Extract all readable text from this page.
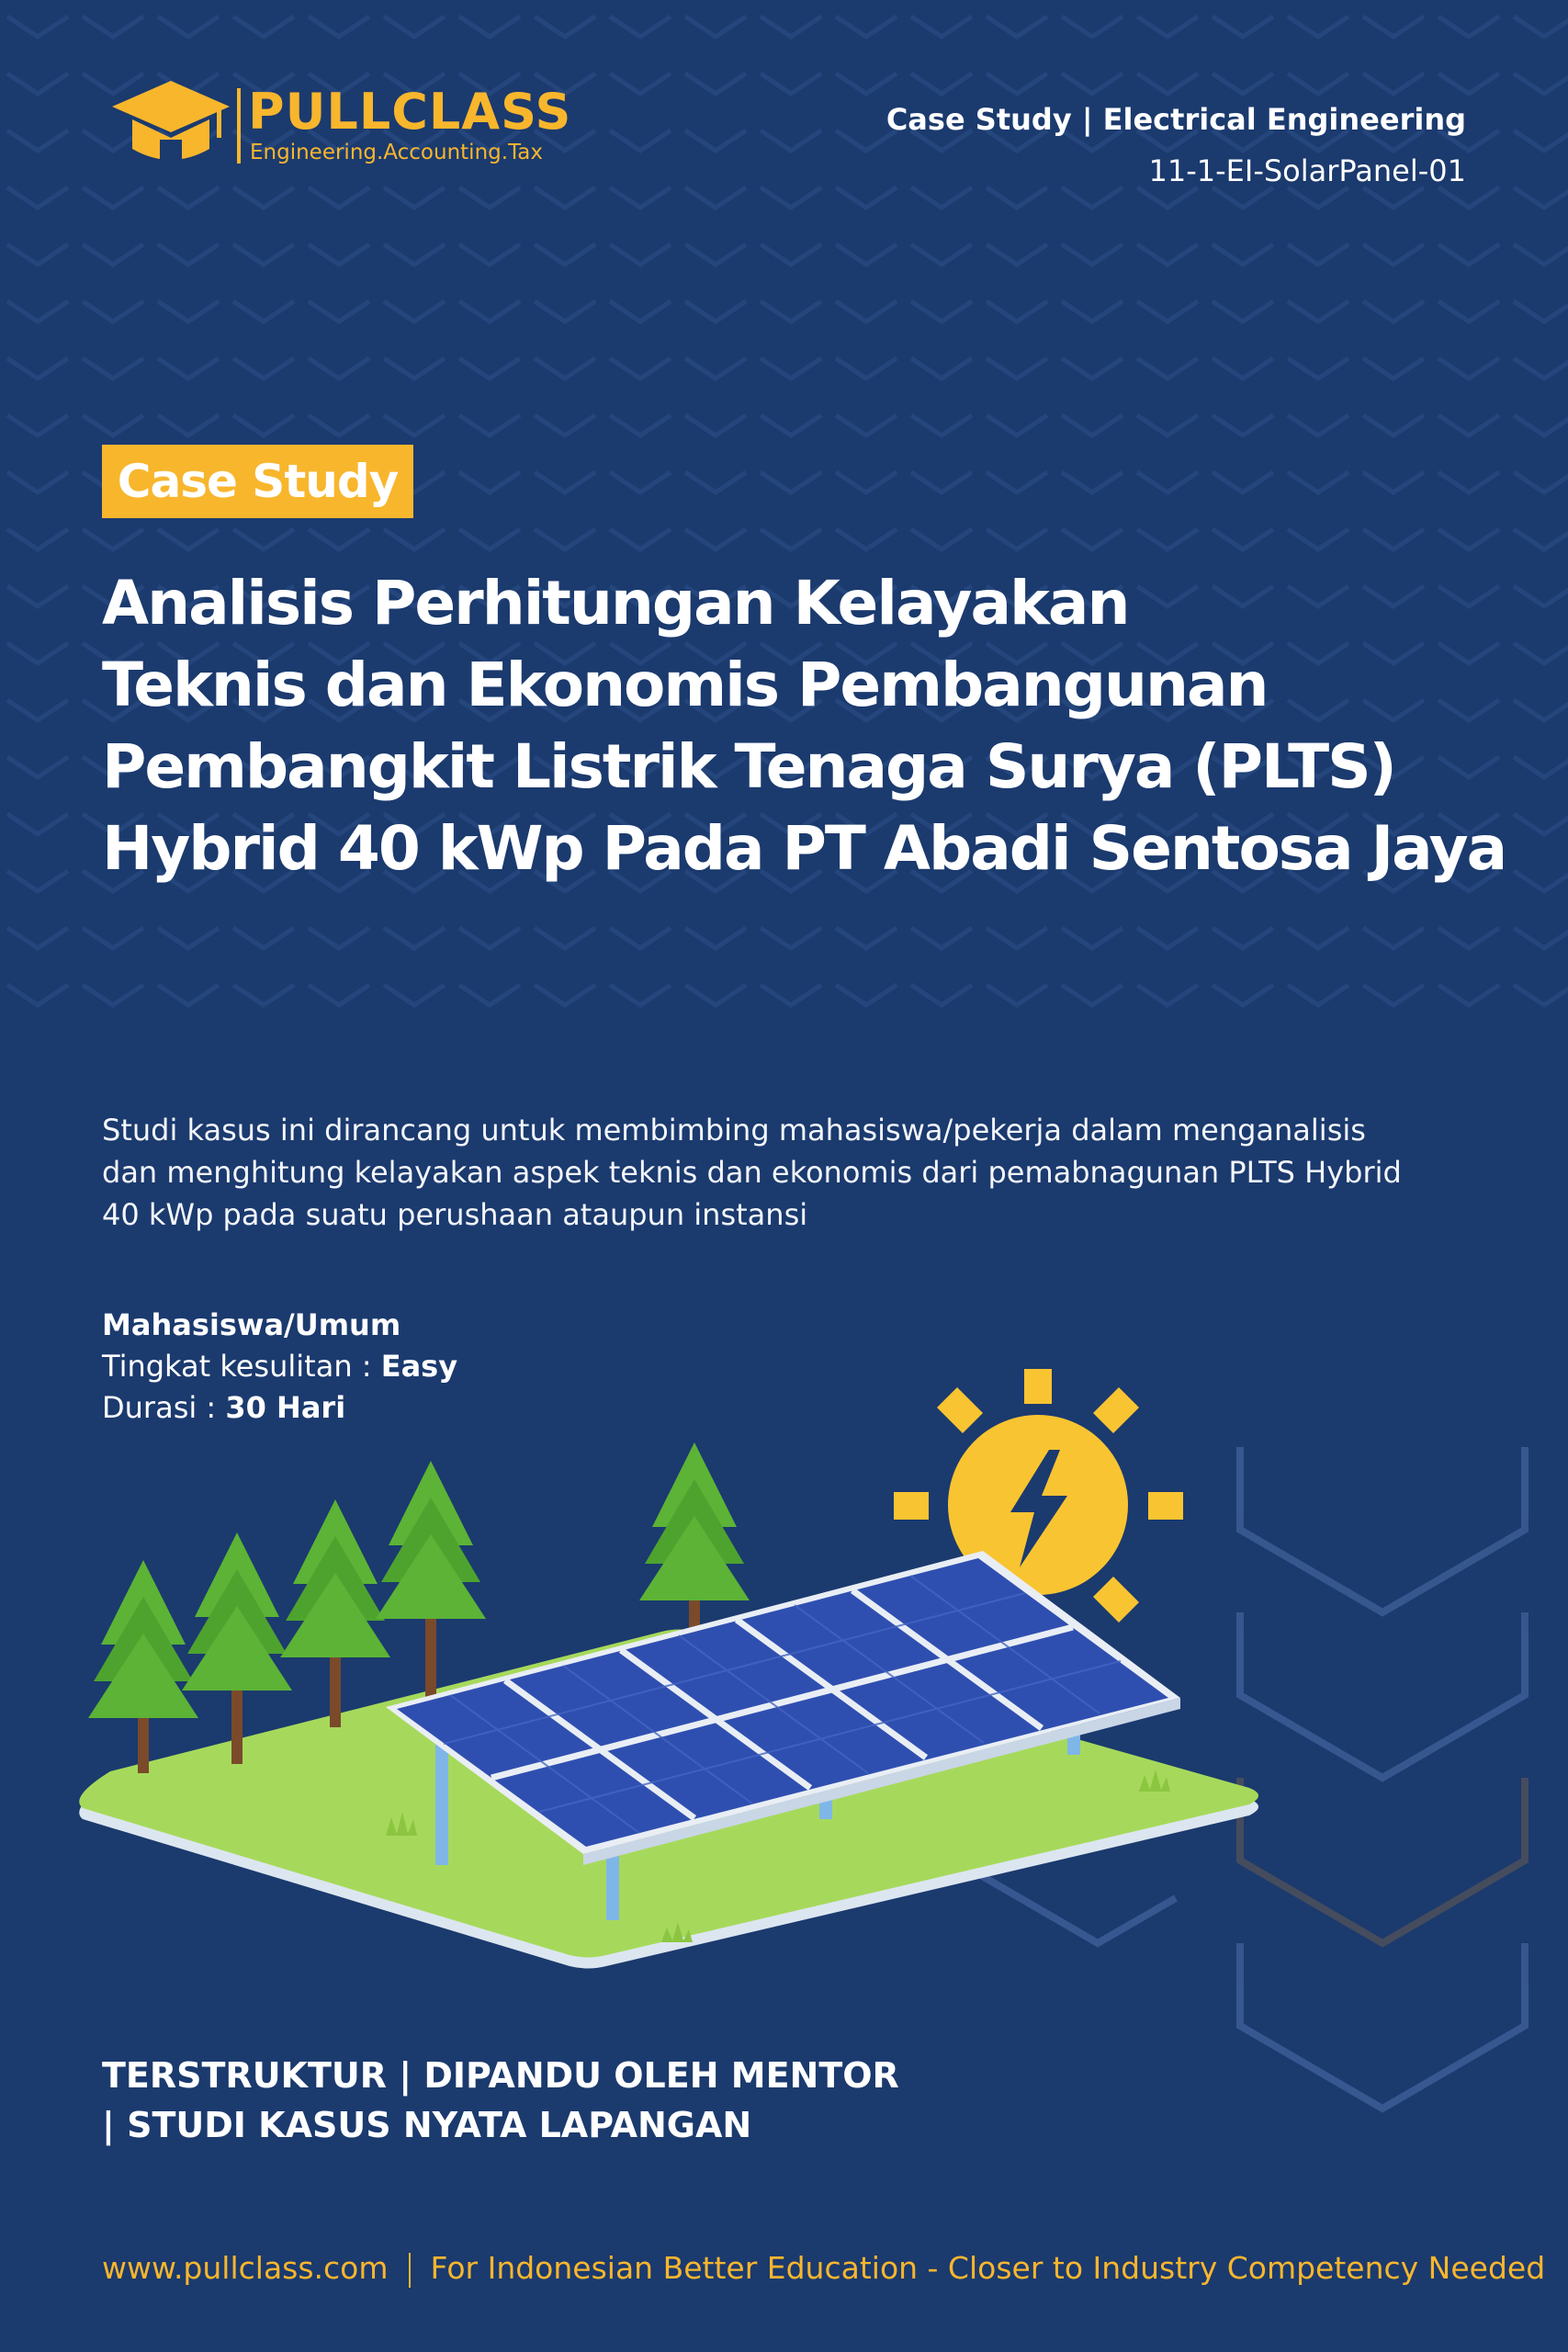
PULLCLASS
Engineering.Accounting.Tax
Case Study | Electrical Engineering
11-1-EI-SolarPanel-01
Case Study
Analisis Perhitungan Kelayakan
Teknis dan Ekonomis Pembangunan
Pembangkit Listrik Tenaga Surya (PLTS)
Hybrid 40 kWp Pada PT Abadi Sentosa Jaya
Studi kasus ini dirancang untuk membimbing mahasiswa/pekerja dalam menganalisis
dan menghitung kelayakan aspek teknis dan ekonomis dari pemabnagunan PLTS Hybrid
40 kWp pada suatu perushaan ataupun instansi
Mahasiswa/Umum
Tingkat kesulitan : Easy
Durasi : 30 Hari
TERSTRUKTUR | DIPANDU OLEH MENTOR
| STUDI KASUS NYATA LAPANGAN
www.pullclass.com For Indonesian Better Education - Closer to Industry Competency Needed
